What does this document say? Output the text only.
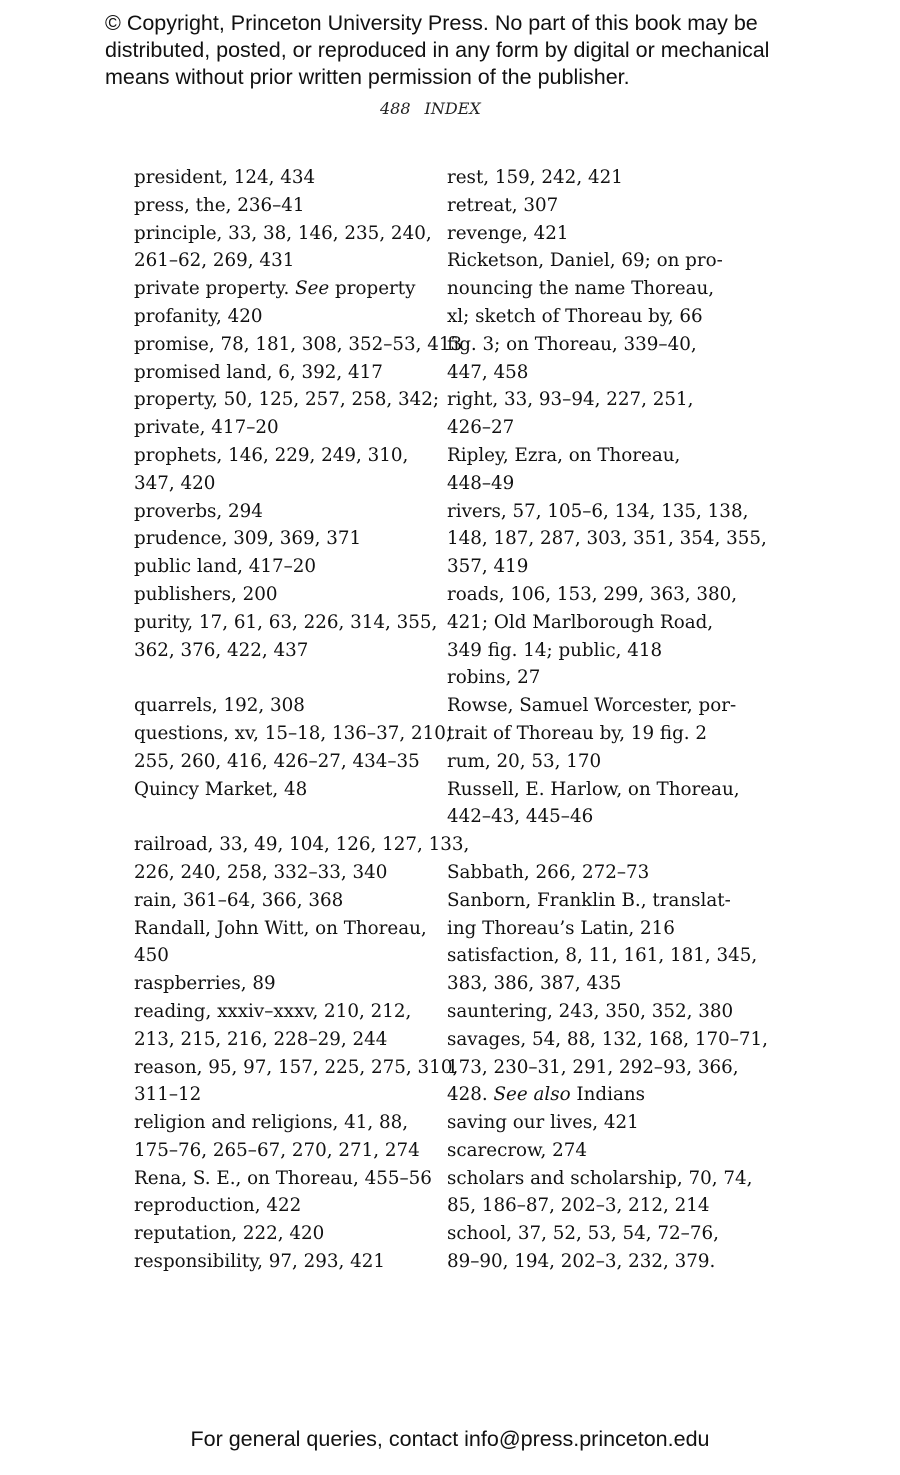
© Copyright, Princeton University Press. No part of this book may be distributed, posted, or reproduced in any form by digital or mechanical means without prior written permission of the publisher.

488 INDEX
president, 124, 434
press, the, 236–41
principle, 33, 38, 146, 235, 240,
261–62, 269, 431
private property. See property
profanity, 420
promise, 78, 181, 308, 352–53, 413
promised land, 6, 392, 417
property, 50, 125, 257, 258, 342;
private, 417–20
prophets, 146, 229, 249, 310,
347, 420
proverbs, 294
prudence, 309, 369, 371
public land, 417–20
publishers, 200
purity, 17, 61, 63, 226, 314, 355,
362, 376, 422, 437
quarrels, 192, 308
questions, xv, 15–18, 136–37, 210,
255, 260, 416, 426–27, 434–35
Quincy Market, 48
railroad, 33, 49, 104, 126, 127, 133,
226, 240, 258, 332–33, 340
rain, 361–64, 366, 368
Randall, John Witt, on Thoreau,
450
raspberries, 89
reading, xxxiv–xxxv, 210, 212,
213, 215, 216, 228–29, 244
reason, 95, 97, 157, 225, 275, 310,
311–12
religion and religions, 41, 88,
175–76, 265–67, 270, 271, 274
Rena, S. E., on Thoreau, 455–56
reproduction, 422
reputation, 222, 420
responsibility, 97, 293, 421
rest, 159, 242, 421
retreat, 307
revenge, 421
Ricketson, Daniel, 69; on pro-
nouncing the name Thoreau,
xl; sketch of Thoreau by, 66
fig. 3; on Thoreau, 339–40,
447, 458
right, 33, 93–94, 227, 251,
426–27
Ripley, Ezra, on Thoreau,
448–49
rivers, 57, 105–6, 134, 135, 138,
148, 187, 287, 303, 351, 354, 355,
357, 419
roads, 106, 153, 299, 363, 380,
421; Old Marlborough Road,
349 fig. 14; public, 418
robins, 27
Rowse, Samuel Worcester, por-
trait of Thoreau by, 19 fig. 2
rum, 20, 53, 170
Russell, E. Harlow, on Thoreau,
442–43, 445–46
Sabbath, 266, 272–73
Sanborn, Franklin B., translat-
ing Thoreau’s Latin, 216
satisfaction, 8, 11, 161, 181, 345,
383, 386, 387, 435
sauntering, 243, 350, 352, 380
savages, 54, 88, 132, 168, 170–71,
173, 230–31, 291, 292–93, 366,
428. See also Indians
saving our lives, 421
scarecrow, 274
scholars and scholarship, 70, 74,
85, 186–87, 202–3, 212, 214
school, 37, 52, 53, 54, 72–76,
89–90, 194, 202–3, 232, 379.
For general queries, contact info@press.princeton.edu
